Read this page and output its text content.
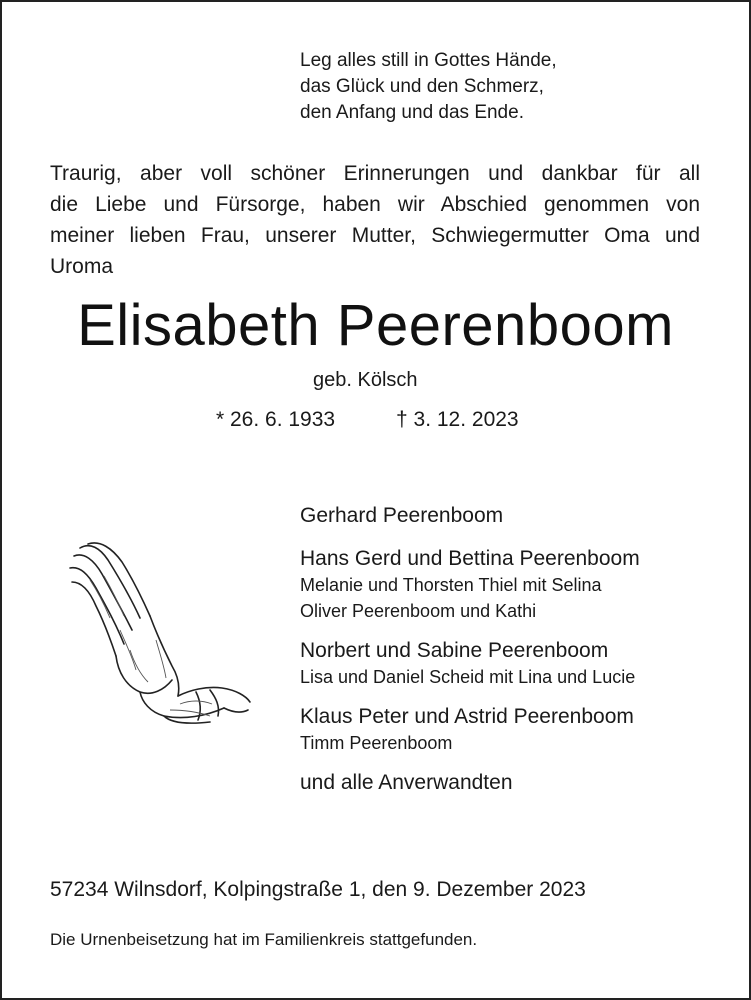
Leg alles still in Gottes Hände,
das Glück und den Schmerz,
den Anfang und das Ende.
Traurig, aber voll schöner Erinnerungen und dankbar für all
die Liebe und Fürsorge, haben wir Abschied genommen von
meiner lieben Frau, unserer Mutter, Schwiegermutter Oma und
Uroma
Elisabeth Peerenboom
geb. Kölsch
* 26. 6. 1933	† 3. 12. 2023
Gerhard Peerenboom
Hans Gerd und Bettina Peerenboom
Melanie und Thorsten Thiel mit Selina
Oliver Peerenboom und Kathi
Norbert und Sabine Peerenboom
Lisa und Daniel Scheid mit Lina und Lucie
Klaus Peter und Astrid Peerenboom
Timm Peerenboom
und alle Anverwandten
57234 Wilnsdorf, Kolpingstraße 1, den 9. Dezember 2023
Die Urnenbeisetzung hat im Familienkreis stattgefunden.
